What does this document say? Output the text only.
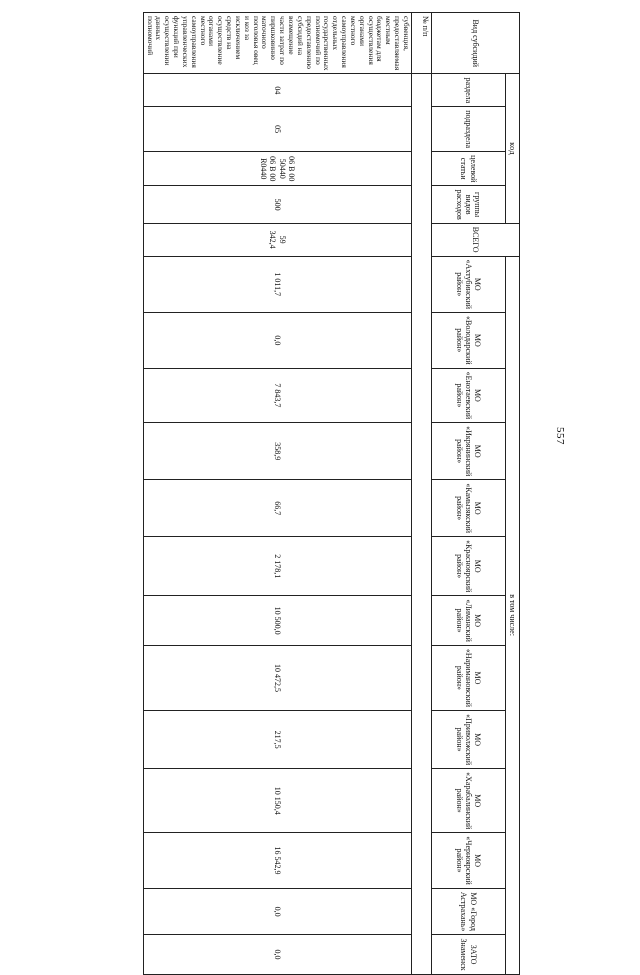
557
Вид субсидий	код				ВСЕГО	в том числе:												
	раздела	подраздела	целевой статьи	группы видов расходов		МО «Ахтубинский район»	МО «Володарский район»	МО «Енотаевский район»	МО «Икрянинский район»	МО «Камызякский район»	МО «Красноярский район»	МО «Лиманский район»	МО «Наримановский район»	МО «Приволжский район»	МО «Харабалинский район»	МО «Черноярский район»	МО «Город Астрахань»	ЗАТО Знаменск

№ п/п																		

субвенция, предоставляемая местным бюджетам для осуществления органами местного самоуправления отдельных государственных полномочий по предоставлению субсидий на возмещение части затрат по пиршковинно маточного поголовья овец и коз за исключением средств на осуществление органами местного самоуправления управленческих функций при осуществлении данных полномочий	04	05	06 В 00 50440
06 В 00 R0440	500	59 342,4	1 011,7	0,0	7 843,7	358,9	66,7	2 178,1	10 500,0	10 472,5	217,5	10 150,4	16 542,9	0,0	0,0
